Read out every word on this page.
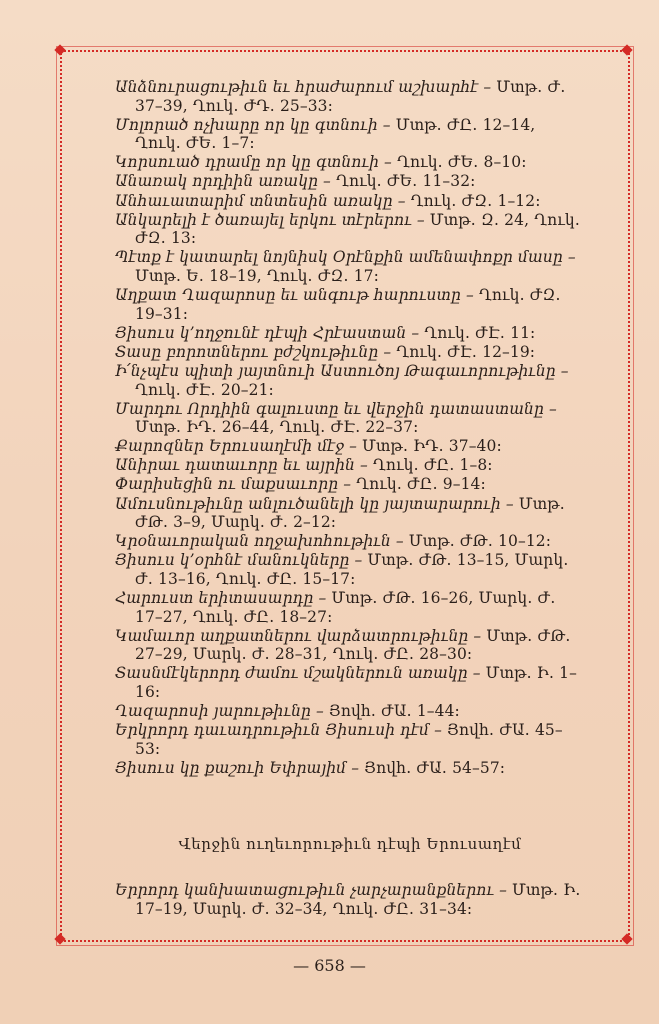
Անձնուրացութիւն եւ հրաժարում աշխարհէ – Մտթ․ Ժ․ 37–39, Ղուկ․ ԺԴ․ 25–33:

Մոլորած ոչխարը որ կը գտնուի – Մտթ․ ԺԸ․ 12–14, Ղուկ․ ԺԵ․ 1–7:

Կորսուած դրամը որ կը գտնուի – Ղուկ․ ԺԵ․ 8–10:

Անառակ որդիին առակը – Ղուկ․ ԺԵ․ 11–32:

Անհաւատարիմ տնտեսին առակը – Ղուկ․ ԺԶ․ 1–12:

Անկարելի է ծառայել երկու տէրերու – Մտթ․ Զ․ 24, Ղուկ․ ԺԶ․ 13:

Պէտք է կատարել նոյնիսկ Օրէնքին ամենափոքր մասը – Մտթ․ Ե․ 18–19, Ղուկ․ ԺԶ․ 17:

Աղքատ Ղազարոսը եւ անգութ հարուստը – Ղուկ․ ԺԶ․ 19–31:

Յիսուս կ’ողջունէ դէպի Հրէաստան – Ղուկ․ ԺԷ․ 11:

Տասը բորոտներու բժշկութիւնը – Ղուկ․ ԺԷ․ 12–19:

Ի՛նչպէս պիտի յայտնուի Աստուծոյ Թագաւորութիւնը – Ղուկ․ ԺԷ․ 20–21:

Մարդու Որդիին գալուստը եւ վերջին դատաստանը – Մտթ․ ԻԴ․ 26–44, Ղուկ․ ԺԷ․ 22–37:

Քարոզներ Երուսաղէմի մէջ – Մտթ․ ԻԴ․ 37–40:

Անիրաւ դատաւորը եւ այրին – Ղուկ․ ԺԸ․ 1–8:

Փարիսեցին ու մաքսաւորը – Ղուկ․ ԺԸ․ 9–14:

Ամուսնութիւնը անլուծանելի կը յայտարարուի – Մտթ․ ԺԹ․ 3–9, Մարկ․ Ժ․ 2–12:

Կրօնաւորական ողջախոհութիւն – Մտթ․ ԺԹ․ 10–12:

Յիսուս կ’օրհնէ մանուկները – Մտթ․ ԺԹ․ 13–15, Մարկ․ Ժ․ 13–16, Ղուկ․ ԺԸ․ 15–17:

Հարուստ երիտասարդը – Մտթ․ ԺԹ․ 16–26, Մարկ․ Ժ․ 17–27, Ղուկ․ ԺԸ․ 18–27:

Կամաւոր աղքատներու վարձատրութիւնը – Մտթ․ ԺԹ․ 27–29, Մարկ․ Ժ․ 28–31, Ղուկ․ ԺԸ․ 28–30:

Տասնմէկերորդ ժամու մշակներուն առակը – Մտթ․ Ի․ 1–16:

Ղազարոսի յարութիւնը – Յովհ․ ԺԱ․ 1–44:

Երկրորդ դաւադրութիւն Յիսուսի դէմ – Յովհ․ ԺԱ․ 45–53:

Յիսուս կը քաշուի Եփրայիմ – Յովհ․ ԺԱ․ 54–57:

Վերջին ուղեւորութիւն դէպի Երուսաղէմ

Երրորդ կանխատացութիւն չարչարանքներու – Մտթ․ Ի․ 17–19, Մարկ․ Ժ․ 32–34, Ղուկ․ ԺԸ․ 31–34:

— 658 —
